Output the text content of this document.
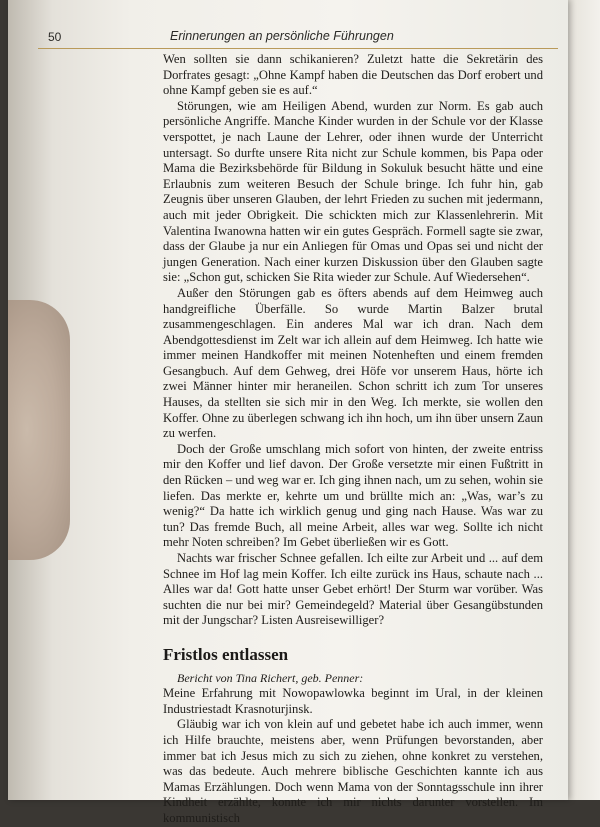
50	Erinnerungen an persönliche Führungen

Wen sollten sie dann schikanieren? Zuletzt hatte die Sekretärin des Dorfrates gesagt: „Ohne Kampf haben die Deutschen das Dorf erobert und ohne Kampf geben sie es auf.“

Störungen, wie am Heiligen Abend, wurden zur Norm. Es gab auch persönliche Angriffe. Manche Kinder wurden in der Schule vor der Klasse verspottet, je nach Laune der Lehrer, oder ihnen wurde der Unterricht untersagt. So durfte unsere Rita nicht zur Schule kommen, bis Papa oder Mama die Bezirksbehörde für Bildung in Sokuluk besucht hätte und eine Erlaubnis zum weiteren Besuch der Schule bringe. Ich fuhr hin, gab Zeugnis über unseren Glauben, der lehrt Frieden zu suchen mit jedermann, auch mit jeder Obrigkeit. Die schickten mich zur Klassenlehrerin. Mit Valentina Iwanowna hatten wir ein gutes Gespräch. Formell sagte sie zwar, dass der Glaube ja nur ein Anliegen für Omas und Opas sei und nicht der jungen Generation. Nach einer kurzen Diskussion über den Glauben sagte sie: „Schon gut, schicken Sie Rita wieder zur Schule. Auf Wiedersehen“.

Außer den Störungen gab es öfters abends auf dem Heimweg auch handgreifliche Überfälle. So wurde Martin Balzer brutal zusammengeschlagen. Ein anderes Mal war ich dran. Nach dem Abendgottesdienst im Zelt war ich allein auf dem Heimweg. Ich hatte wie immer meinen Handkoffer mit meinen Notenheften und einem fremden Gesangbuch. Auf dem Gehweg, drei Höfe vor unserem Haus, hörte ich zwei Männer hinter mir heraneilen. Schon schritt ich zum Tor unseres Hauses, da stellten sie sich mir in den Weg. Ich merkte, sie wollen den Koffer. Ohne zu überlegen schwang ich ihn hoch, um ihn über unsern Zaun zu werfen.

Doch der Große umschlang mich sofort von hinten, der zweite entriss mir den Koffer und lief davon. Der Große versetzte mir einen Fußtritt in den Rücken – und weg war er. Ich ging ihnen nach, um zu sehen, wohin sie liefen. Das merkte er, kehrte um und brüllte mich an: „Was, war’s zu wenig?“ Da hatte ich wirklich genug und ging nach Hause. Was war zu tun? Das fremde Buch, all meine Arbeit, alles war weg. Sollte ich nicht mehr Noten schreiben? Im Gebet überließen wir es Gott.

Nachts war frischer Schnee gefallen. Ich eilte zur Arbeit und ... auf dem Schnee im Hof lag mein Koffer. Ich eilte zurück ins Haus, schaute nach ... Alles war da! Gott hatte unser Gebet erhört! Der Sturm war vorüber. Was suchten die nur bei mir? Gemeindegeld? Material über Gesangübstunden mit der Jungschar? Listen Ausreisewilliger?

Fristlos entlassen

Bericht von Tina Richert, geb. Penner:

Meine Erfahrung mit Nowopawlowka beginnt im Ural, in der kleinen Industriestadt Krasnoturjinsk.

Gläubig war ich von klein auf und gebetet habe ich auch immer, wenn ich Hilfe brauchte, meistens aber, wenn Prüfungen bevorstanden, aber immer bat ich Jesus mich zu sich zu ziehen, ohne konkret zu verstehen, was das bedeute. Auch mehrere biblische Geschichten kannte ich aus Mamas Erzählungen. Doch wenn Mama von der Sonntagsschule inn ihrer Kindheit erzählte, konnte ich mir nichts darunter vorstellen. Im kommunistisch
